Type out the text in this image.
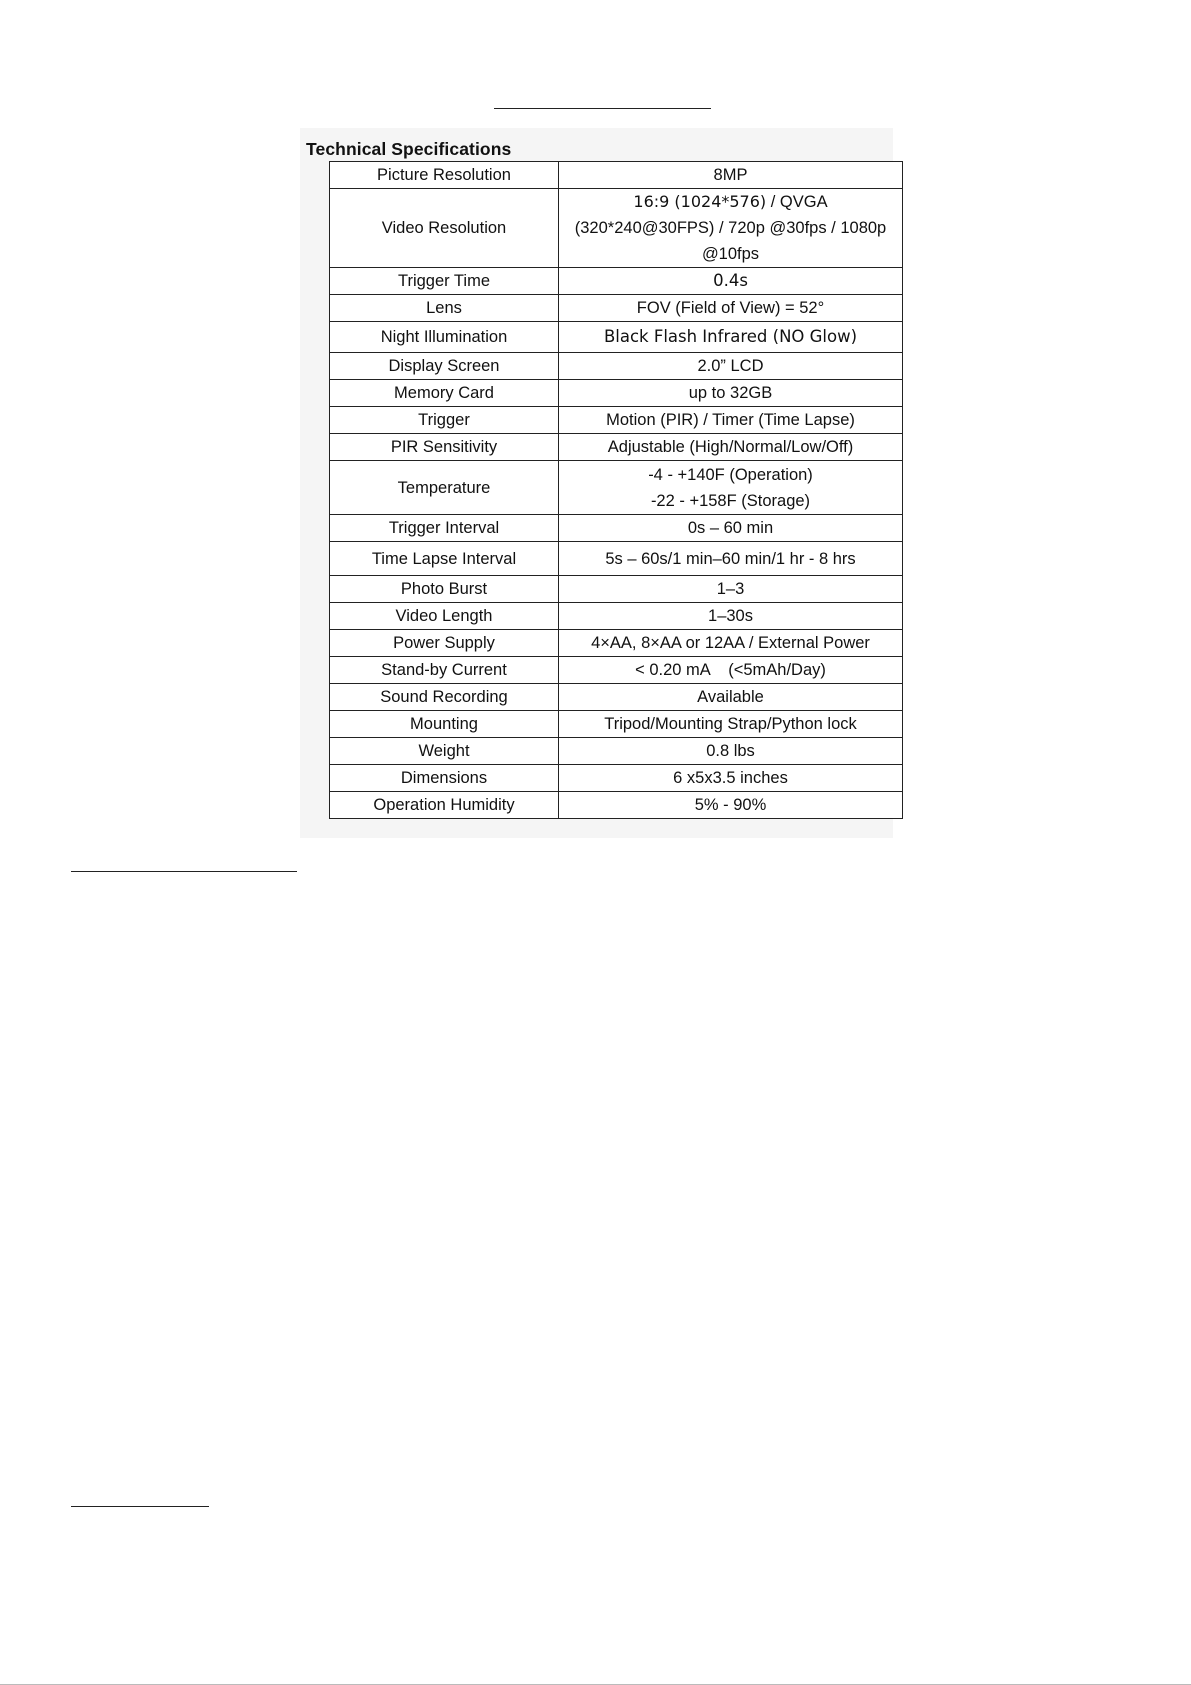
Technical Specifications
Picture Resolution	8MP
Video Resolution	16:9 (1024*576) / QVGA (320*240@30FPS) / 720p @30fps / 1080p @10fps
Trigger Time	0.4s
Lens	FOV (Field of View) = 52°
Night Illumination	Black Flash Infrared (NO Glow)
Display Screen	2.0” LCD
Memory Card	up to 32GB
Trigger	Motion (PIR) / Timer (Time Lapse)
PIR Sensitivity	Adjustable (High/Normal/Low/Off)
Temperature	-4 - +140F (Operation)
-22 - +158F (Storage)

Trigger Interval	0s – 60 min
Time Lapse Interval	5s – 60s/1 min–60 min/1 hr - 8 hrs
Photo Burst	1–3
Video Length	1–30s
Power Supply	4×AA, 8×AA or 12AA / External Power
Stand-by Current	< 0.20 mA    (<5mAh/Day)
Sound Recording	Available
Mounting	Tripod/Mounting Strap/Python lock
Weight	0.8 lbs
Dimensions	6 x5x3.5 inches
Operation Humidity	5% - 90%
